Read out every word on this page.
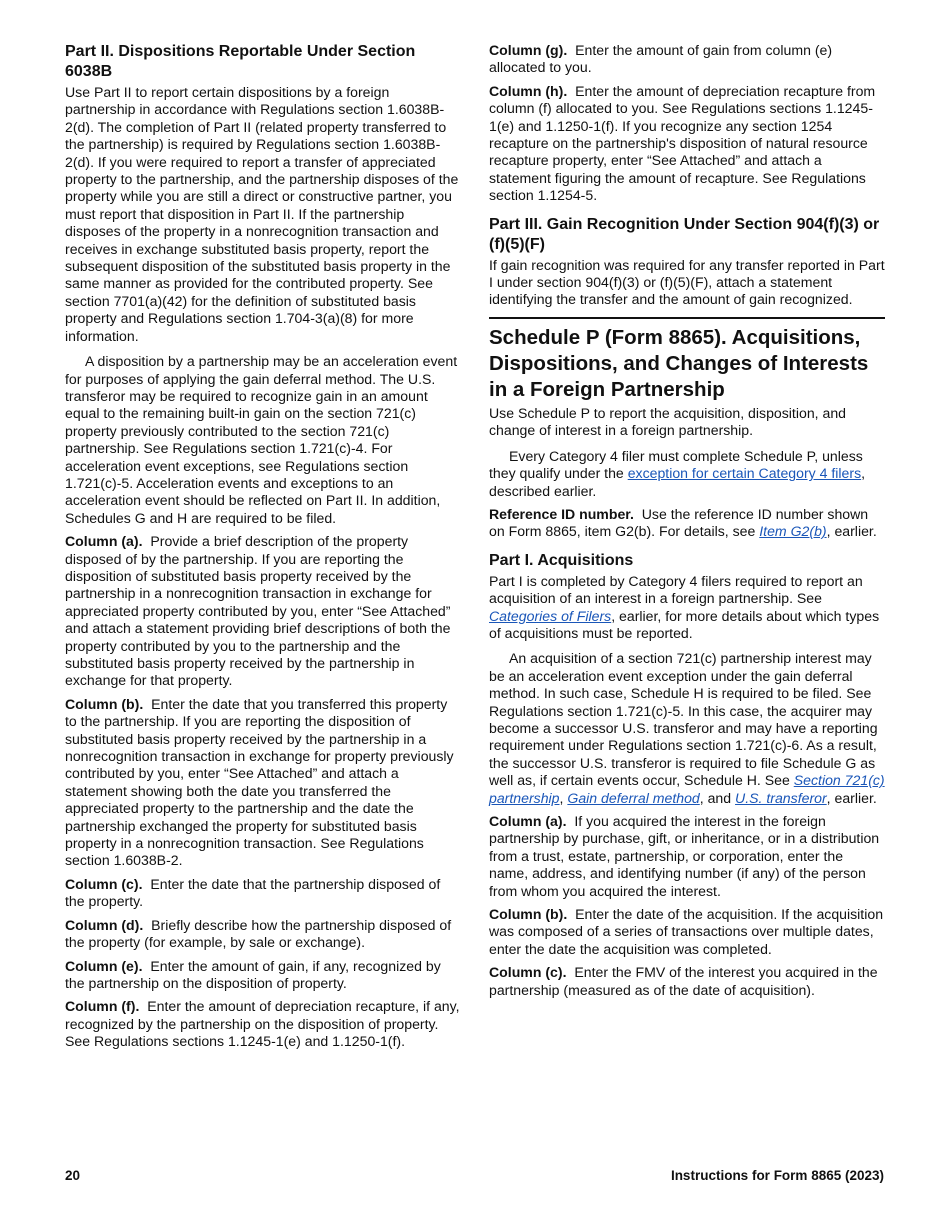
Part II. Dispositions Reportable Under Section 6038B

Use Part II to report certain dispositions by a foreign partnership in accordance with Regulations section 1.6038B-2(d). The completion of Part II (related property transferred to the partnership) is required by Regulations section 1.6038B-2(d). If you were required to report a transfer of appreciated property to the partnership, and the partnership disposes of the property while you are still a direct or constructive partner, you must report that disposition in Part II. If the partnership disposes of the property in a nonrecognition transaction and receives in exchange substituted basis property, report the subsequent disposition of the substituted basis property in the same manner as provided for the contributed property. See section 7701(a)(42) for the definition of substituted basis property and Regulations section 1.704-3(a)(8) for more information.

A disposition by a partnership may be an acceleration event for purposes of applying the gain deferral method. The U.S. transferor may be required to recognize gain in an amount equal to the remaining built-in gain on the section 721(c) property previously contributed to the section 721(c) partnership. See Regulations section 1.721(c)-4. For acceleration event exceptions, see Regulations section 1.721(c)-5. Acceleration events and exceptions to an acceleration event should be reflected on Part II. In addition, Schedules G and H are required to be filed.

Column (a). Provide a brief description of the property disposed of by the partnership. If you are reporting the disposition of substituted basis property received by the partnership in a nonrecognition transaction in exchange for appreciated property contributed by you, enter “See Attached” and attach a statement providing brief descriptions of both the property contributed by you to the partnership and the substituted basis property received by the partnership in exchange for that property.

Column (b). Enter the date that you transferred this property to the partnership. If you are reporting the disposition of substituted basis property received by the partnership in a nonrecognition transaction in exchange for property previously contributed by you, enter “See Attached” and attach a statement showing both the date you transferred the appreciated property to the partnership and the date the partnership exchanged the property for substituted basis property in a nonrecognition transaction. See Regulations section 1.6038B-2.

Column (c). Enter the date that the partnership disposed of the property.

Column (d). Briefly describe how the partnership disposed of the property (for example, by sale or exchange).

Column (e). Enter the amount of gain, if any, recognized by the partnership on the disposition of property.

Column (f). Enter the amount of depreciation recapture, if any, recognized by the partnership on the disposition of property. See Regulations sections 1.1245-1(e) and 1.1250-1(f).

Column (g). Enter the amount of gain from column (e) allocated to you.

Column (h). Enter the amount of depreciation recapture from column (f) allocated to you. See Regulations sections 1.1245-1(e) and 1.1250-1(f). If you recognize any section 1254 recapture on the partnership's disposition of natural resource recapture property, enter “See Attached” and attach a statement figuring the amount of recapture. See Regulations section 1.1254-5.

Part III. Gain Recognition Under Section 904(f)(3) or (f)(5)(F)

If gain recognition was required for any transfer reported in Part I under section 904(f)(3) or (f)(5)(F), attach a statement identifying the transfer and the amount of gain recognized.

Schedule P (Form 8865). Acquisitions, Dispositions, and Changes of Interests in a Foreign Partnership

Use Schedule P to report the acquisition, disposition, and change of interest in a foreign partnership.

Every Category 4 filer must complete Schedule P, unless they qualify under the exception for certain Category 4 filers, described earlier.

Reference ID number. Use the reference ID number shown on Form 8865, item G2(b). For details, see Item G2(b), earlier.

Part I. Acquisitions

Part I is completed by Category 4 filers required to report an acquisition of an interest in a foreign partnership. See Categories of Filers, earlier, for more details about which types of acquisitions must be reported.

An acquisition of a section 721(c) partnership interest may be an acceleration event exception under the gain deferral method. In such case, Schedule H is required to be filed. See Regulations section 1.721(c)-5. In this case, the acquirer may become a successor U.S. transferor and may have a reporting requirement under Regulations section 1.721(c)-6. As a result, the successor U.S. transferor is required to file Schedule G as well as, if certain events occur, Schedule H. See Section 721(c) partnership, Gain deferral method, and U.S. transferor, earlier.

Column (a). If you acquired the interest in the foreign partnership by purchase, gift, or inheritance, or in a distribution from a trust, estate, partnership, or corporation, enter the name, address, and identifying number (if any) of the person from whom you acquired the interest.

Column (b). Enter the date of the acquisition. If the acquisition was composed of a series of transactions over multiple dates, enter the date the acquisition was completed.

Column (c). Enter the FMV of the interest you acquired in the partnership (measured as of the date of acquisition).

20	Instructions for Form 8865 (2023)
